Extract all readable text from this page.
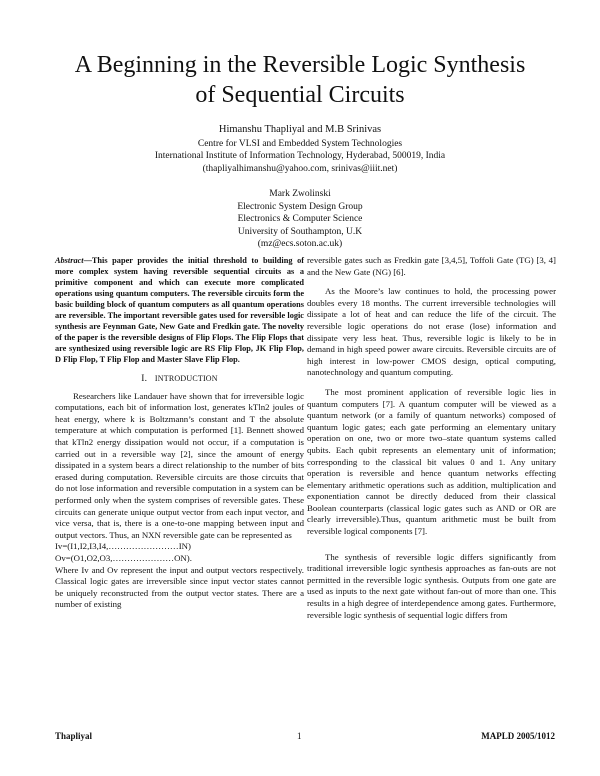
A Beginning in the Reversible Logic Synthesis
of Sequential Circuits
Himanshu Thapliyal and M.B Srinivas
Centre for VLSI and Embedded System Technologies
International Institute of Information Technology, Hyderabad, 500019, India
(thapliyalhimanshu@yahoo.com, srinivas@iiit.net)
Mark Zwolinski
Electronic System Design Group
Electronics & Computer Science
University of Southampton, U.K
(mz@ecs.soton.ac.uk)

Abstract—This paper provides the initial threshold to building of more complex system having reversible sequential circuits as a primitive component and which can execute more complicated operations using quantum computers. The reversible circuits form the basic building block of quantum computers as all quantum operations are reversible. The important reversible gates used for reversible logic synthesis are Feynman Gate, New Gate and Fredkin gate. The novelty of the paper is the reversible designs of Flip Flops. The Flip Flops that are synthesized using reversible logic are RS Flip Flop, JK Flip Flop, D Flip Flop, T Flip Flop and Master Slave Flip Flop.

I. INTRODUCTION

Researchers like Landauer have shown that for irreversible logic computations, each bit of information lost, generates kTln2 joules of heat energy, where k is Boltzmann’s constant and T the absolute temperature at which computation is performed [1]. Bennett showed that kTln2 energy dissipation would not occur, if a computation is carried out in a reversible way [2], since the amount of energy dissipated in a system bears a direct relationship to the number of bits erased during computation. Reversible circuits are those circuits that do not lose information and reversible computation in a system can be performed only when the system comprises of reversible gates. These circuits can generate unique output vector from each input vector, and vice versa, that is, there is a one-to-one mapping between input and output vectors. Thus, an NXN reversible gate can be represented as

Iv=(I1,I2,I3,I4,……………………IN)

Ov=(O1,O2,O3,…………………ON).

Where Iv and Ov represent the input and output vectors respectively. Classical logic gates are irreversible since input vector states cannot be uniquely reconstructed from the output vector states. There are a number of existing

reversible gates such as Fredkin gate [3,4,5], Toffoli Gate (TG) [3, 4] and the New Gate (NG) [6].

As the Moore’s law continues to hold, the processing power doubles every 18 months. The current irreversible technologies will dissipate a lot of heat and can reduce the life of the circuit. The reversible logic operations do not erase (lose) information and dissipate very less heat. Thus, reversible logic is likely to be in demand in high speed power aware circuits. Reversible circuits are of high interest in low-power CMOS design, optical computing, nanotechnology and quantum computing.

The most prominent application of reversible logic lies in quantum computers [7]. A quantum computer will be viewed as a quantum network (or a family of quantum networks) composed of quantum logic gates; each gate performing an elementary unitary operation on one, two or more two–state quantum systems called qubits. Each qubit represents an elementary unit of information; corresponding to the classical bit values 0 and 1. Any unitary operation is reversible and hence quantum networks effecting elementary arithmetic operations such as addition, multiplication and exponentiation cannot be directly deduced from their classical Boolean counterparts (classical logic gates such as AND or OR are clearly irreversible).Thus, quantum arithmetic must be built from reversible logical components [7].

The synthesis of reversible logic differs significantly from traditional irreversible logic synthesis approaches as fan-outs are not permitted in the reversible logic synthesis. Outputs from one gate are used as inputs to the next gate without fan-out of more than one. This results in a high degree of interdependence among gates. Furthermore, reversible logic synthesis of sequential logic differs from

Thapliyal	1	MAPLD 2005/1012
